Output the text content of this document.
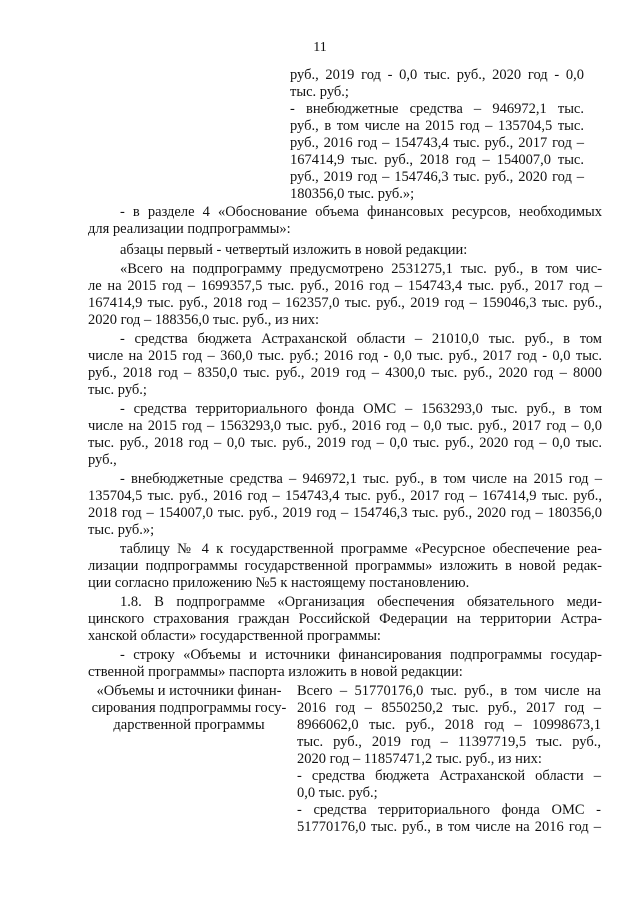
11
руб., 2019 год - 0,0 тыс. руб., 2020 год - 0,0
тыс. руб.;
- внебюджетные средства – 946972,1 тыс.
руб., в том числе на 2015 год – 135704,5 тыс.
руб., 2016 год – 154743,4 тыс. руб., 2017 год –
167414,9 тыс. руб., 2018 год – 154007,0 тыс.
руб., 2019 год – 154746,3 тыс. руб., 2020 год –
180356,0 тыс. руб.»;
- в разделе 4 «Обоснование объема финансовых ресурсов, необходимых
для реализации подпрограммы»:
абзацы первый - четвертый изложить в новой редакции:
«Всего на подпрограмму предусмотрено 2531275,1 тыс. руб., в том чис-
ле на 2015 год – 1699357,5 тыс. руб., 2016 год – 154743,4 тыс. руб., 2017 год –
167414,9 тыс. руб., 2018 год – 162357,0 тыс. руб., 2019 год – 159046,3 тыс. руб.,
2020 год – 188356,0 тыс. руб., из них:
- средства бюджета Астраханской области – 21010,0 тыс. руб., в том
числе на 2015 год – 360,0 тыс. руб.; 2016 год - 0,0 тыс. руб., 2017 год - 0,0 тыс.
руб., 2018 год – 8350,0 тыс. руб., 2019 год – 4300,0 тыс. руб., 2020 год – 8000
тыс. руб.;
- средства территориального фонда ОМС – 1563293,0 тыс. руб., в том
числе на 2015 год – 1563293,0 тыс. руб., 2016 год – 0,0 тыс. руб., 2017 год – 0,0
тыс. руб., 2018 год – 0,0 тыс. руб., 2019 год – 0,0 тыс. руб., 2020 год – 0,0 тыс.
руб.,
- внебюджетные средства – 946972,1 тыс. руб., в том числе на 2015 год –
135704,5 тыс. руб., 2016 год – 154743,4 тыс. руб., 2017 год – 167414,9 тыс. руб.,
2018 год – 154007,0 тыс. руб., 2019 год – 154746,3 тыс. руб., 2020 год – 180356,0
тыс. руб.»;
таблицу № 4 к государственной программе «Ресурсное обеспечение реа-
лизации подпрограммы государственной программы» изложить в новой редак-
ции согласно приложению №5 к настоящему постановлению.
1.8. В подпрограмме «Организация обеспечения обязательного меди-
цинского страхования граждан Российской Федерации на территории Астра-
ханской области» государственной программы:
- строку «Объемы и источники финансирования подпрограммы государ-
ственной программы» паспорта изложить в новой редакции:
«Объемы и источники финан-
сирования подпрограммы госу-
дарственной программы
Всего – 51770176,0 тыс. руб., в том числе на
2016 год – 8550250,2 тыс. руб., 2017 год –
8966062,0 тыс. руб., 2018 год – 10998673,1
тыс. руб., 2019 год – 11397719,5 тыс. руб.,
2020 год – 11857471,2 тыс. руб., из них:
- средства бюджета Астраханской области –
0,0 тыс. руб.;
- средства территориального фонда ОМС -
51770176,0 тыс. руб., в том числе на 2016 год –
